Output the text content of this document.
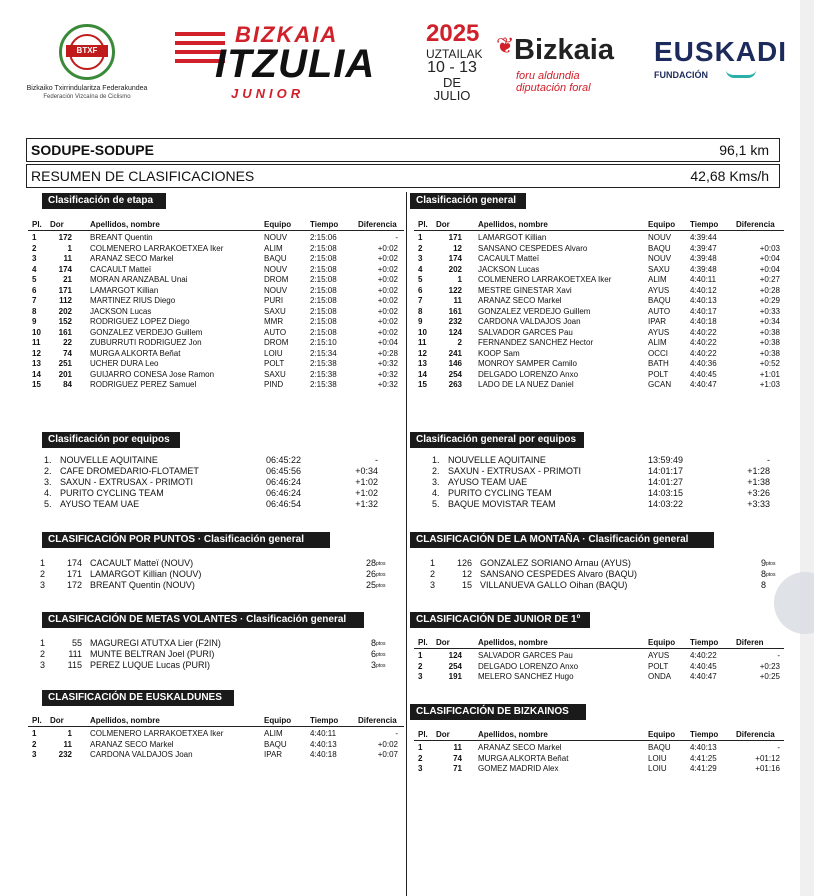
BTXF
Bizkaiko Txirrindularitza Federakundea
Federación Vizcaína de Ciclismo
BIZKAIA
ITZULIA
JUNIOR
2025
UZTAILAK
10 - 13
DE JULIO
❦ Bizkaia
foru aldundia
diputación foral
EUSKADI
FUNDACIÓN
SODUPE-SODUPE	96,1 km
RESUMEN DE CLASIFICACIONES	42,68 Kms/h
Clasificación de etapa	Clasificación general
Clasificación por equipos	Clasificación general por equipos
CLASIFICACIÓN POR PUNTOS · Clasificación general	CLASIFICACIÓN DE LA MONTAÑA · Clasificación general
CLASIFICACIÓN DE METAS VOLANTES · Clasificación general	CLASIFICACIÓN DE JUNIOR DE 1º
CLASIFICACIÓN DE EUSKALDUNES
CLASIFICACIÓN DE BIZKAINOS
Pl.	Dor	Apellidos, nombre	Equipo Tiempo Diferencia
1	172 BREANT Quentin	NOUV	2:15:06	-
2	1 COLMENERO LARRAKOETXEA Iker	ALIM	2:15:08	+0:02
3	11 ARANAZ SECO Markel	BAQU	2:15:08	+0:02
4	174 CACAULT Matteï	NOUV	2:15:08	+0:02
5	21 MORAN ARANZABAL Unai	DROM	2:15:08	+0:02
6	171 LAMARGOT Killian	NOUV	2:15:08	+0:02
7	112 MARTINEZ RIUS Diego	PURI	2:15:08	+0:02
8	202 JACKSON Lucas	SAXU	2:15:08	+0:02
9	152 RODRIGUEZ LOPEZ Diego	MMR	2:15:08	+0:02
10	161 GONZALEZ VERDEJO Guillem	AUTO	2:15:08	+0:02
11	22 ZUBURRUTI RODRIGUEZ Jon	DROM	2:15:10	+0:04
12	74 MURGA ALKORTA Beñat	LOIU	2:15:34	+0:28
13	251 UCHER DURA Leo	POLT	2:15:38	+0:32
14	201 GUIJARRO CONESA Jose Ramon	SAXU	2:15:38	+0:32
15	84 RODRIGUEZ PEREZ Samuel	PIND	2:15:38	+0:32
Pl.	Dor	Apellidos, nombre	Equipo Tiempo Diferencia
1	171 LAMARGOT Killian	NOUV 4:39:44
2	12 SANSANO CESPEDES Alvaro	BAQU 4:39:47	+0:03
3	174 CACAULT Matteï	NOUV 4:39:48	+0:04
4	202 JACKSON Lucas	SAXU	4:39:48	+0:04
5	1 COLMENERO LARRAKOETXEA Iker	ALIM	4:40:11	+0:27
6	122 MESTRE GINESTAR Xavi	AYUS	4:40:12	+0:28
7	11 ARANAZ SECO Markel	BAQU 4:40:13	+0:29
8	161 GONZALEZ VERDEJO Guillem	AUTO 4:40:17	+0:33
9	232 CARDONA VALDAJOS Joan	IPAR	4:40:18	+0:34
10	124 SALVADOR GARCES Pau	AYUS	4:40:22	+0:38
11	2 FERNANDEZ SANCHEZ Hector	ALIM	4:40:22	+0:38
12	241 KOOP Sam	OCCI	4:40:22	+0:38
13	146 MONROY SAMPER Camilo	BATH	4:40:36	+0:52
14	254 DELGADO LORENZO Anxo	POLT	4:40:45	+1:01
15	263 LADO DE LA NUEZ Daniel	GCAN 4:40:47	+1:03
1. NOUVELLE AQUITAINE	06:45:22	-
2. CAFE DROMEDARIO-FLOTAMET	06:45:56	+0:34
3. SAXUN - EXTRUSAX - PRIMOTI	06:46:24	+1:02
4. PURITO CYCLING TEAM	06:46:24	+1:02
5. AYUSO TEAM UAE	06:46:54	+1:32
1. NOUVELLE AQUITAINE	13:59:49	-
2. SAXUN - EXTRUSAX - PRIMOTI	14:01:17	+1:28
3. AYUSO TEAM UAE	14:01:27	+1:38
4. PURITO CYCLING TEAM	14:03:15	+3:26
5. BAQUE MOVISTAR TEAM	14:03:22	+3:33
1	174 CACAULT Matteï (NOUV)	28 ptos
2	171 LAMARGOT Killian (NOUV)	26 ptos
3	172 BREANT Quentin (NOUV)	25 ptos
1	126 GONZALEZ SORIANO Arnau (AYUS)	9 ptos
2	12 SANSANO CESPEDES Alvaro (BAQU)	8 ptos
3	15 VILLANUEVA GALLO Oihan (BAQU)	8
1	55 MAGUREGI ATUTXA Lier (F2IN)	8 ptos
2	111 MUNTE BELTRAN Joel (PURI)	6 ptos
3	115 PEREZ LUQUE Lucas (PURI)	3 ptos
Pl.	Dor	Apellidos, nombre	Equipo Tiempo Diferen
1	124 SALVADOR GARCES Pau	AYUS	4:40:22	-
2	254 DELGADO LORENZO Anxo	POLT	4:40:45	+0:23
3	191 MELERO SANCHEZ Hugo	ONDA 4:40:47	+0:25
Pl.	Dor	Apellidos, nombre	Equipo Tiempo Diferencia
1	1 COLMENERO LARRAKOETXEA Iker	ALIM	4:40:11	-
2	11 ARANAZ SECO Markel	BAQU	4:40:13	+0:02
3	232 CARDONA VALDAJOS Joan	IPAR	4:40:18	+0:07
Pl.	Dor	Apellidos, nombre	Equipo Tiempo Diferencia
1	11 ARANAZ SECO Markel	BAQU 4:40:13	-
2	74 MURGA ALKORTA Beñat	LOIU	4:41:25	+01:12
3	71 GOMEZ MADRID Alex	LOIU	4:41:29	+01:16
